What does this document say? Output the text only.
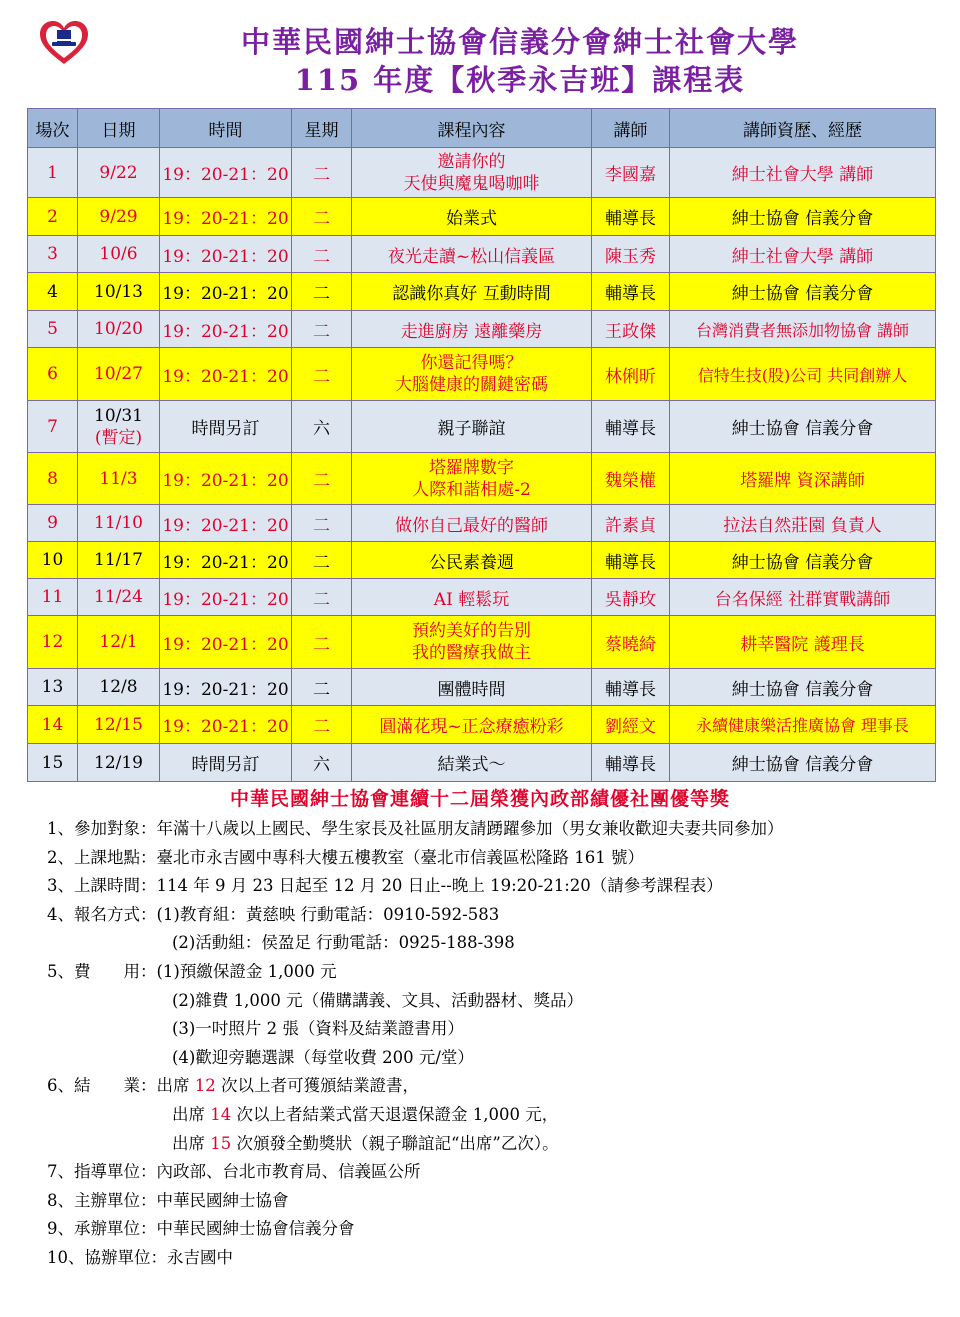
中華民國紳士協會信義分會紳士社會大學
115 年度【秋季永吉班】課程表
場次	日期	時間	星期	課程內容	講師	講師資歷、經歷
1	9/22	19：20-21：20	二	邀請你的
天使與魔鬼喝咖啡	李國嘉	紳士社會大學 講師
2	9/29	19：20-21：20	二	始業式	輔導長	紳士協會 信義分會
3	10/6	19：20-21：20	二	夜光走讀~松山信義區	陳玉秀	紳士社會大學 講師
4	10/13	19：20-21：20	二	認識你真好 互動時間	輔導長	紳士協會 信義分會
5	10/20	19：20-21：20	二	走進廚房 遠離藥房	王政傑	台灣消費者無添加物協會 講師
6	10/27	19：20-21：20	二	你還記得嗎？
大腦健康的關鍵密碼	林俐昕	信特生技(股)公司 共同創辦人
7	10/31
(暫定)	時間另訂	六	親子聯誼	輔導長	紳士協會 信義分會
8	11/3	19：20-21：20	二	塔羅牌數字
人際和諧相處-2	魏榮權	塔羅牌 資深講師
9	11/10	19：20-21：20	二	做你自己最好的醫師	許素貞	拉法自然莊園 負責人
10	11/17	19：20-21：20	二	公民素養週	輔導長	紳士協會 信義分會
11	11/24	19：20-21：20	二	AI 輕鬆玩	吳靜玫	台名保經 社群實戰講師
12	12/1	19：20-21：20	二	預約美好的告別
我的醫療我做主	蔡曉綺	耕莘醫院 護理長
13	12/8	19：20-21：20	二	團體時間	輔導長	紳士協會 信義分會
14	12/15	19：20-21：20	二	圓滿花現~正念療癒粉彩	劉經文	永續健康樂活推廣協會 理事長
15	12/19	時間另訂	六	結業式～	輔導長	紳士協會 信義分會
中華民國紳士協會連續十二屆榮獲內政部績優社團優等獎
1、參加對象：年滿十八歲以上國民、學生家長及社區朋友請踴躍參加（男女兼收歡迎夫妻共同參加）
2、上課地點：臺北市永吉國中專科大樓五樓教室（臺北市信義區松隆路 161 號）
3、上課時間：114 年 9 月 23 日起至 12 月 20 日止--晚上 19:20-21:20（請參考課程表）
4、報名方式：(1)教育組：黃慈映 行動電話：0910-592-583
(2)活動組：侯盈足 行動電話：0925-188-398
5、費　　用：(1)預繳保證金 1,000 元
(2)雜費 1,000 元（備購講義、文具、活動器材、獎品）
(3)一吋照片 2 張（資料及結業證書用）
(4)歡迎旁聽選課（每堂收費 200 元/堂）
6、結　　業：出席 12 次以上者可獲頒結業證書，
出席 14 次以上者結業式當天退還保證金 1,000 元，
出席 15 次頒發全勤獎狀（親子聯誼記“出席”乙次）。
7、指導單位：內政部、台北市教育局、信義區公所
8、主辦單位：中華民國紳士協會
9、承辦單位：中華民國紳士協會信義分會
10、協辦單位：永吉國中
